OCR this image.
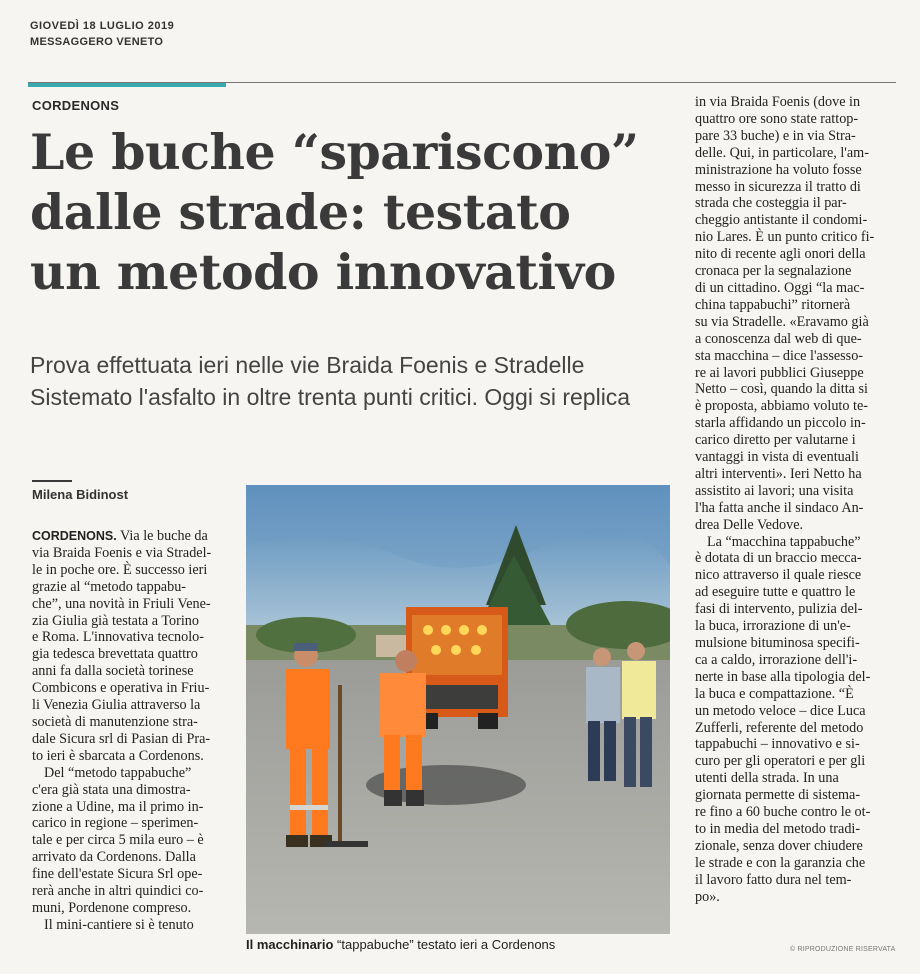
GIOVEDÌ 18 LUGLIO 2019
MESSAGGERO VENETO
CORDENONS
Le buche “spariscono”
dalle strade: testato
un metodo innovativo
Prova effettuata ieri nelle vie Braida Foenis e Stradelle
Sistemato l'asfalto in oltre trenta punti critici. Oggi si replica
Milena Bidinost
CORDENONS. Via le buche da
via Braida Foenis e via Stradel-
le in poche ore. È successo ieri
grazie al “metodo tappabu-
che”, una novità in Friuli Vene-
zia Giulia già testata a Torino
e Roma. L'innovativa tecnolo-
gia tedesca brevettata quattro
anni fa dalla società torinese
Combicons e operativa in Friu-
li Venezia Giulia attraverso la
società di manutenzione stra-
dale Sicura srl di Pasian di Pra-
to ieri è sbarcata a Cordenons.
Del “metodo tappabuche”
c'era già stata una dimostra-
zione a Udine, ma il primo in-
carico in regione – sperimen-
tale e per circa 5 mila euro – è
arrivato da Cordenons. Dalla
fine dell'estate Sicura Srl ope-
rerà anche in altri quindici co-
muni, Pordenone compreso.
Il mini-cantiere si è tenuto
Il macchinario “tappabuche” testato ieri a Cordenons
in via Braida Foenis (dove in
quattro ore sono state rattop-
pare 33 buche) e in via Stra-
delle. Qui, in particolare, l'am-
ministrazione ha voluto fosse
messo in sicurezza il tratto di
strada che costeggia il par-
cheggio antistante il condomi-
nio Lares. È un punto critico fi-
nito di recente agli onori della
cronaca per la segnalazione
di un cittadino. Oggi “la mac-
china tappabuchi” ritornerà
su via Stradelle. «Eravamo già
a conoscenza dal web di que-
sta macchina – dice l'assesso-
re ai lavori pubblici Giuseppe
Netto – così, quando la ditta si
è proposta, abbiamo voluto te-
starla affidando un piccolo in-
carico diretto per valutarne i
vantaggi in vista di eventuali
altri interventi». Ieri Netto ha
assistito ai lavori; una visita
l'ha fatta anche il sindaco An-
drea Delle Vedove.
La “macchina tappabuche”
è dotata di un braccio mecca-
nico attraverso il quale riesce
ad eseguire tutte e quattro le
fasi di intervento, pulizia del-
la buca, irrorazione di un'e-
mulsione bituminosa specifi-
ca a caldo, irrorazione dell'i-
nerte in base alla tipologia del-
la buca e compattazione. “È
un metodo veloce – dice Luca
Zufferli, referente del metodo
tappabuchi – innovativo e si-
curo per gli operatori e per gli
utenti della strada. In una
giornata permette di sistema-
re fino a 60 buche contro le ot-
to in media del metodo tradi-
zionale, senza dover chiudere
le strade e con la garanzia che
il lavoro fatto dura nel tem-
po».
© RIPRODUZIONE RISERVATA
